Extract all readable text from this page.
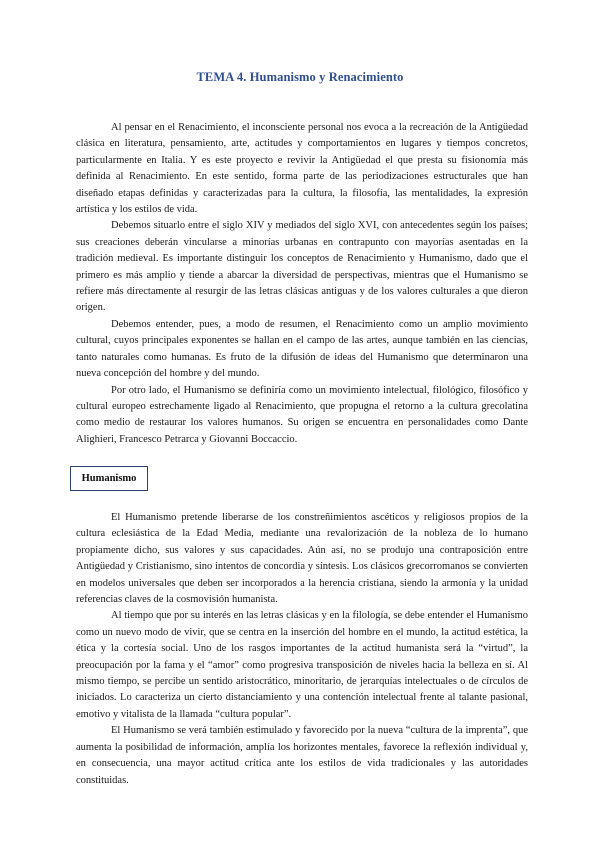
TEMA 4. Humanismo y Renacimiento

Al pensar en el Renacimiento, el inconsciente personal nos evoca a la recreación de la Antigüedad clásica en literatura, pensamiento, arte, actitudes y comportamientos en lugares y tiempos concretos, particularmente en Italia. Y es este proyecto e revivir la Antigüedad el que presta su fisionomía más definida al Renacimiento. En este sentido, forma parte de las periodizaciones estructurales que han diseñado etapas definidas y caracterizadas para la cultura, la filosofía, las mentalidades, la expresión artística y los estilos de vida.

Debemos situarlo entre el siglo XIV y mediados del siglo XVI, con antecedentes según los países; sus creaciones deberán vincularse a minorías urbanas en contrapunto con mayorías asentadas en la tradición medieval. Es importante distinguir los conceptos de Renacimiento y Humanismo, dado que el primero es más amplio y tiende a abarcar la diversidad de perspectivas, mientras que el Humanismo se refiere más directamente al resurgir de las letras clásicas antiguas y de los valores culturales a que dieron origen.

Debemos entender, pues, a modo de resumen, el Renacimiento como un amplio movimiento cultural, cuyos principales exponentes se hallan en el campo de las artes, aunque también en las ciencias, tanto naturales como humanas. Es fruto de la difusión de ideas del Humanismo que determinaron una nueva concepción del hombre y del mundo.

Por otro lado, el Humanismo se definiría como un movimiento intelectual, filológico, filosófico y cultural europeo estrechamente ligado al Renacimiento, que propugna el retorno a la cultura grecolatina como medio de restaurar los valores humanos. Su origen se encuentra en personalidades como Dante Alighieri, Francesco Petrarca y Giovanni Boccaccio.

Humanismo

El Humanismo pretende liberarse de los constreñimientos ascéticos y religiosos propios de la cultura eclesiástica de la Edad Media, mediante una revalorización de la nobleza de lo humano propiamente dicho, sus valores y sus capacidades. Aún así, no se produjo una contraposición entre Antigüedad y Cristianismo, sino intentos de concordia y síntesis. Los clásicos grecorromanos se convierten en modelos universales que deben ser incorporados a la herencia cristiana, siendo la armonía y la unidad referencias claves de la cosmovisión humanista.

Al tiempo que por su interés en las letras clásicas y en la filología, se debe entender el Humanismo como un nuevo modo de vivir, que se centra en la inserción del hombre en el mundo, la actitud estética, la ética y la cortesía social. Uno de los rasgos importantes de la actitud humanista será la “virtud”, la preocupación por la fama y el “amor” como progresiva transposición de niveles hacia la belleza en sí. Al mismo tiempo, se percibe un sentido aristocrático, minoritario, de jerarquías intelectuales o de círculos de iniciados. Lo caracteriza un cierto distanciamiento y una contención intelectual frente al talante pasional, emotivo y vitalista de la llamada “cultura popular”.

El Humanismo se verá también estimulado y favorecido por la nueva “cultura de la imprenta”, que aumenta la posibilidad de información, amplía los horizontes mentales, favorece la reflexión individual y, en consecuencia, una mayor actitud crítica ante los estilos de vida tradicionales y las autoridades constituidas.
